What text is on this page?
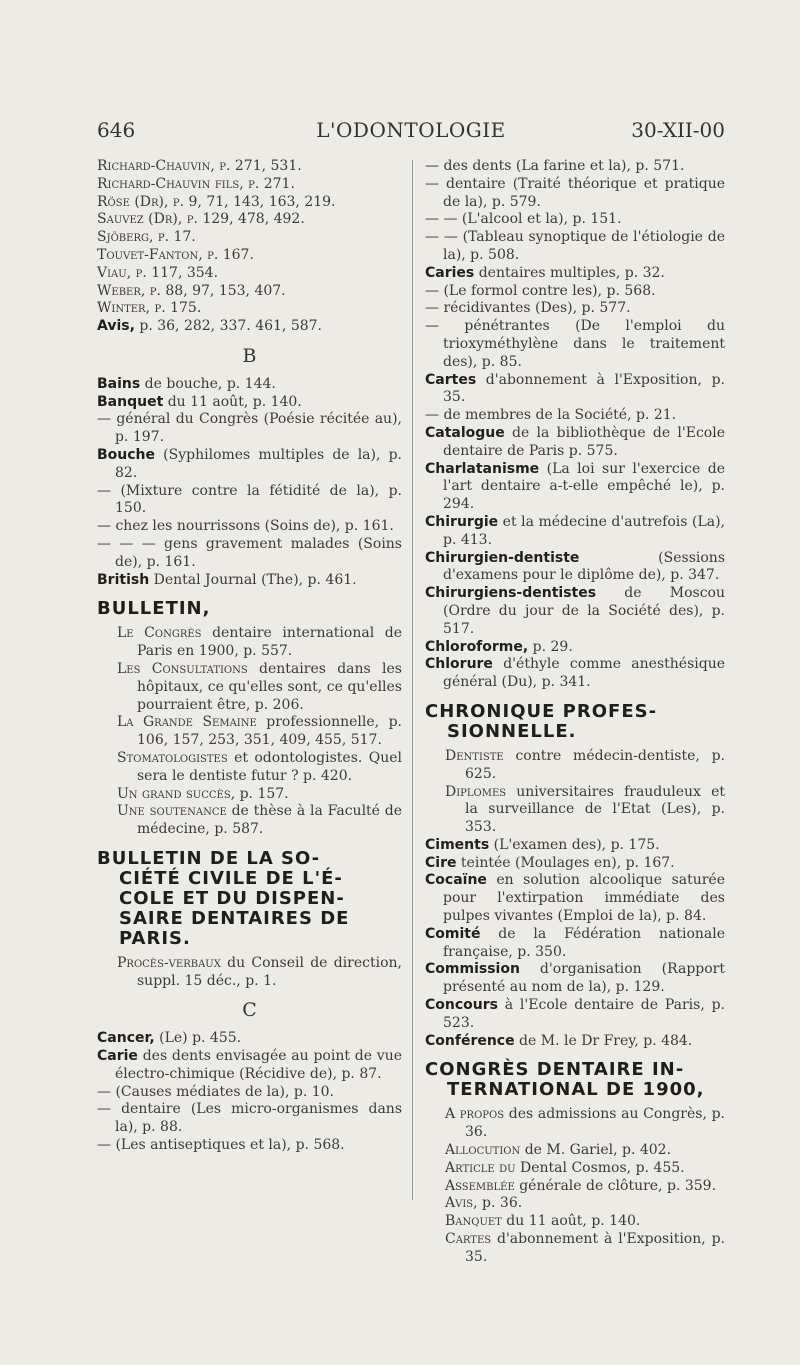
646	L'ODONTOLOGIE	30-XII-00

Richard-Chauvin, p. 271, 531.

Richard-Chauvin fils, p. 271.

Röse (Dr), p. 9, 71, 143, 163, 219.

Sauvez (Dr), p. 129, 478, 492.

Sjöberg, p. 17.

Touvet-Fanton, p. 167.

Viau, p. 117, 354.

Weber, p. 88, 97, 153, 407.

Winter, p. 175.

Avis, p. 36, 282, 337. 461, 587.

B

Bains de bouche, p. 144.

Banquet du 11 août, p. 140.

— général du Congrès (Poésie récitée au), p. 197.

Bouche (Syphilomes multiples de la), p. 82.

— (Mixture contre la fétidité de la), p. 150.

— chez les nourrissons (Soins de), p. 161.

— — — gens gravement malades (Soins de), p. 161.

British Dental Journal (The), p. 461.

BULLETIN,

Le Congrès dentaire international de Paris en 1900, p. 557.

Les Consultations dentaires dans les hôpitaux, ce qu'elles sont, ce qu'elles pourraient être, p. 206.

La Grande Semaine professionnelle, p. 106, 157, 253, 351, 409, 455, 517.

Stomatologistes et odontologistes. Quel sera le dentiste futur ? p. 420.

Un grand succès, p. 157.

Une soutenance de thèse à la Faculté de médecine, p. 587.

BULLETIN DE LA SO-
CIÉTÉ CIVILE DE L'É-
COLE ET DU DISPEN-
SAIRE DENTAIRES DE
PARIS.

Procès-verbaux du Conseil de direction, suppl. 15 déc., p. 1.

C

Cancer, (Le) p. 455.

Carie des dents envisagée au point de vue électro-chimique (Récidive de), p. 87.

— (Causes médiates de la), p. 10.

— dentaire (Les micro-organismes dans la), p. 88.

— (Les antiseptiques et la), p. 568.

— des dents (La farine et la), p. 571.

— dentaire (Traité théorique et pratique de la), p. 579.

— — (L'alcool et la), p. 151.

— — (Tableau synoptique de l'étiologie de la), p. 508.

Caries dentaires multiples, p. 32.

— (Le formol contre les), p. 568.

— récidivantes (Des), p. 577.

— pénétrantes (De l'emploi du trioxyméthylène dans le traitement des), p. 85.

Cartes d'abonnement à l'Exposition, p. 35.

— de membres de la Société, p. 21.

Catalogue de la bibliothèque de l'Ecole dentaire de Paris p. 575.

Charlatanisme (La loi sur l'exercice de l'art dentaire a-t-elle empêché le), p. 294.

Chirurgie et la médecine d'autrefois (La), p. 413.

Chirurgien-dentiste (Sessions d'examens pour le diplôme de), p. 347.

Chirurgiens-dentistes de Moscou (Ordre du jour de la Société des), p. 517.

Chloroforme, p. 29.

Chlorure d'éthyle comme anesthésique général (Du), p. 341.

CHRONIQUE PROFES-
SIONNELLE.

Dentiste contre médecin-dentiste, p. 625.

Diplomes universitaires frauduleux et la surveillance de l'Etat (Les), p. 353.

Ciments (L'examen des), p. 175.

Cire teintée (Moulages en), p. 167.

Cocaïne en solution alcoolique saturée pour l'extirpation immédiate des pulpes vivantes (Emploi de la), p. 84.

Comité de la Fédération nationale française, p. 350.

Commission d'organisation (Rapport présenté au nom de la), p. 129.

Concours à l'Ecole dentaire de Paris, p. 523.

Conférence de M. le Dr Frey, p. 484.

CONGRÈS DENTAIRE IN-
TERNATIONAL DE 1900,

A propos des admissions au Congrès, p. 36.

Allocution de M. Gariel, p. 402.

Article du Dental Cosmos, p. 455.

Assemblée générale de clôture, p. 359.

Avis, p. 36.

Banquet du 11 août, p. 140.

Cartes d'abonnement à l'Exposition, p. 35.
